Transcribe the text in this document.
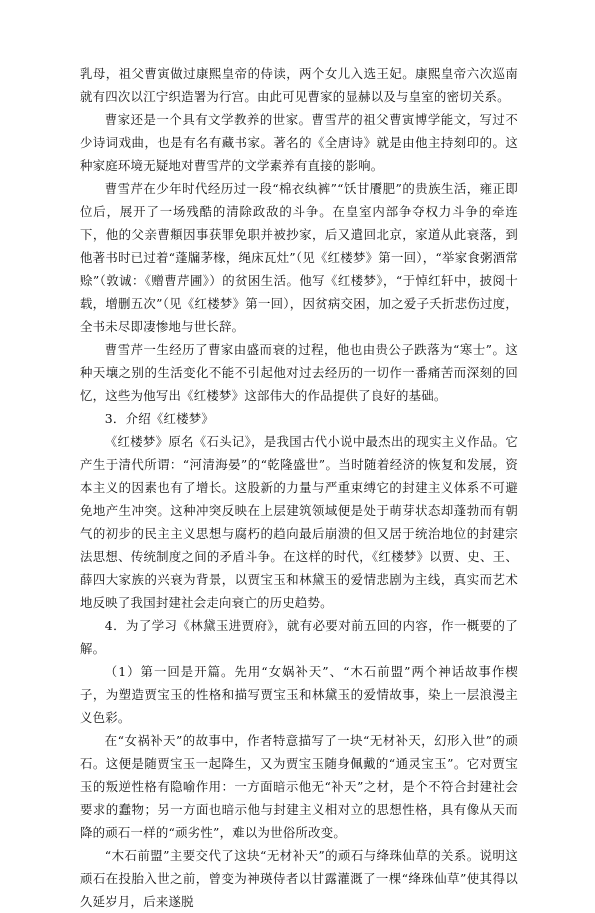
乳母，祖父曹寅做过康熙皇帝的侍读，两个女儿入选王妃。康熙皇帝六次巡南就有四次以江宁织造署为行宫。由此可见曹家的显赫以及与皇室的密切关系。

曹家还是一个具有文学教养的世家。曹雪芹的祖父曹寅博学能文，写过不少诗词戏曲，也是有名有藏书家。著名的《全唐诗》就是由他主持刻印的。这种家庭环境无疑地对曹雪芹的文学素养有直接的影响。

曹雪芹在少年时代经历过一段“棉衣纨裤”“饫甘餍肥”的贵族生活，雍正即位后，展开了一场残酷的清除政敌的斗争。在皇室内部争夺权力斗争的牵连下，他的父亲曹頫因事获罪免职并被抄家，后又遣回北京，家道从此衰落，到他著书时已过着“蓬牖茅椽，绳床瓦灶”（见《红楼梦》第一回），“举家食粥酒常赊”（敦诚：《赠曹芹圃》）的贫困生活。他写《红楼梦》，“于悼红轩中，披阅十载，增删五次”（见《红楼梦》第一回），因贫病交困，加之爱子夭折悲伤过度，全书未尽即凄惨地与世长辞。

曹雪芹一生经历了曹家由盛而衰的过程，他也由贵公子跌落为“寒士”。这种天壤之别的生活变化不能不引起他对过去经历的一切作一番痛苦而深刻的回忆，这些为他写出《红楼梦》这部伟大的作品提供了良好的基础。

3．介绍《红楼梦》

《红楼梦》原名《石头记》，是我国古代小说中最杰出的现实主义作品。它产生于清代所谓：“河清海晏”的“乾隆盛世”。当时随着经济的恢复和发展，资本主义的因素也有了增长。这股新的力量与严重束缚它的封建主义体系不可避免地产生冲突。这种冲突反映在上层建筑领域便是处于萌芽状态却蓬勃而有朝气的初步的民主主义思想与腐朽的趋向最后崩溃的但又居于统治地位的封建宗法思想、传统制度之间的矛盾斗争。在这样的时代，《红楼梦》以贾、史、王、薛四大家族的兴衰为背景，以贾宝玉和林黛玉的爱情悲剧为主线，真实而艺术地反映了我国封建社会走向衰亡的历史趋势。

4．为了学习《林黛玉进贾府》，就有必要对前五回的内容，作一概要的了解。

（1）第一回是开篇。先用“女娲补天”、“木石前盟”两个神话故事作楔子，为塑造贾宝玉的性格和描写贾宝玉和林黛玉的爱情故事，染上一层浪漫主义色彩。

在“女祸补天”的故事中，作者特意描写了一块“无材补天，幻形入世”的顽石。这便是随贾宝玉一起降生，又为贾宝玉随身佩戴的“通灵宝玉”。它对贾宝玉的叛逆性格有隐喻作用：一方面暗示他无“补天”之材，是个不符合封建社会要求的蠢物；另一方面也暗示他与封建主义相对立的思想性格，具有像从天而降的顽石一样的“顽劣性”，难以为世俗所改变。

“木石前盟”主要交代了这块“无材补天”的顽石与绛珠仙草的关系。说明这顽石在投胎入世之前，曾变为神瑛侍者以甘露灌溉了一棵“绛珠仙草”使其得以久延岁月，后来遂脱
